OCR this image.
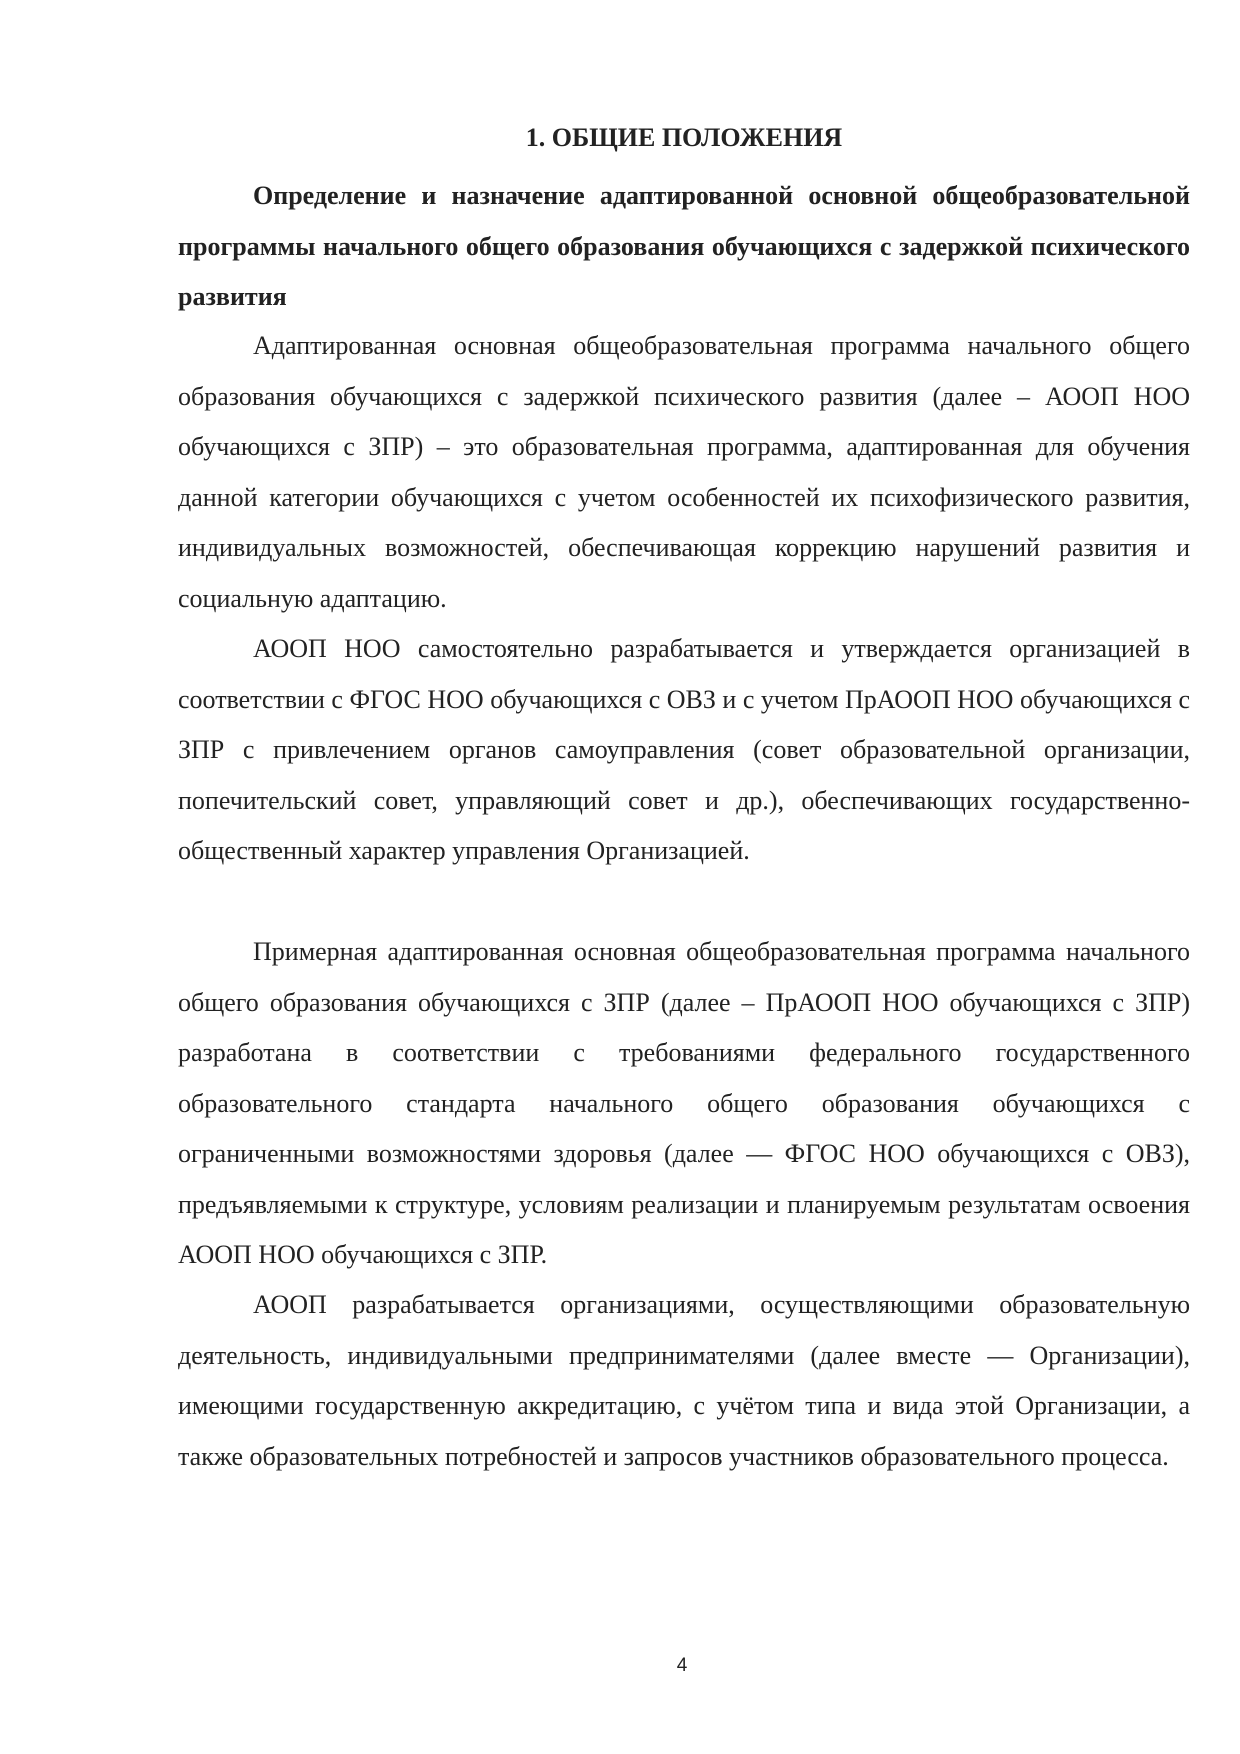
1. ОБЩИЕ ПОЛОЖЕНИЯ

Определение и назначение адаптированной основной общеобразовательной программы начального общего образования обучающихся с задержкой психического развития

Адаптированная основная общеобразовательная программа начального общего образования обучающихся с задержкой психического развития (далее – АООП НОО обучающихся с ЗПР) – это образовательная программа, адаптированная для обучения данной категории обучающихся с учетом особенностей их психофизического развития, индивидуальных возможностей, обеспечивающая коррекцию нарушений развития и социальную адаптацию.

АООП НОО самостоятельно разрабатывается и утверждается организацией в соответствии с ФГОС НОО обучающихся с ОВЗ и с учетом ПрАООП НОО обучающихся с ЗПР с привлечением органов самоуправления (совет образовательной организации, попечительский совет, управляющий совет и др.), обеспечивающих государственно-общественный характер управления Организацией.

Примерная адаптированная основная общеобразовательная программа начального общего образования обучающихся с ЗПР (далее – ПрАООП НОО обучающихся с ЗПР) разработана в соответствии с требованиями федерального государственного образовательного стандарта начального общего образования обучающихся с ограниченными возможностями здоровья (далее — ФГОС НОО обучающихся с ОВЗ), предъявляемыми к структуре, условиям реализации и планируемым результатам освоения АООП НОО обучающихся с ЗПР.

АООП разрабатывается организациями, осуществляющими образовательную деятельность, индивидуальными предпринимателями (далее вместе — Организации), имеющими государственную аккредитацию, с учётом типа и вида этой Организации, а также образовательных потребностей и запросов участников образовательного процесса.

4
